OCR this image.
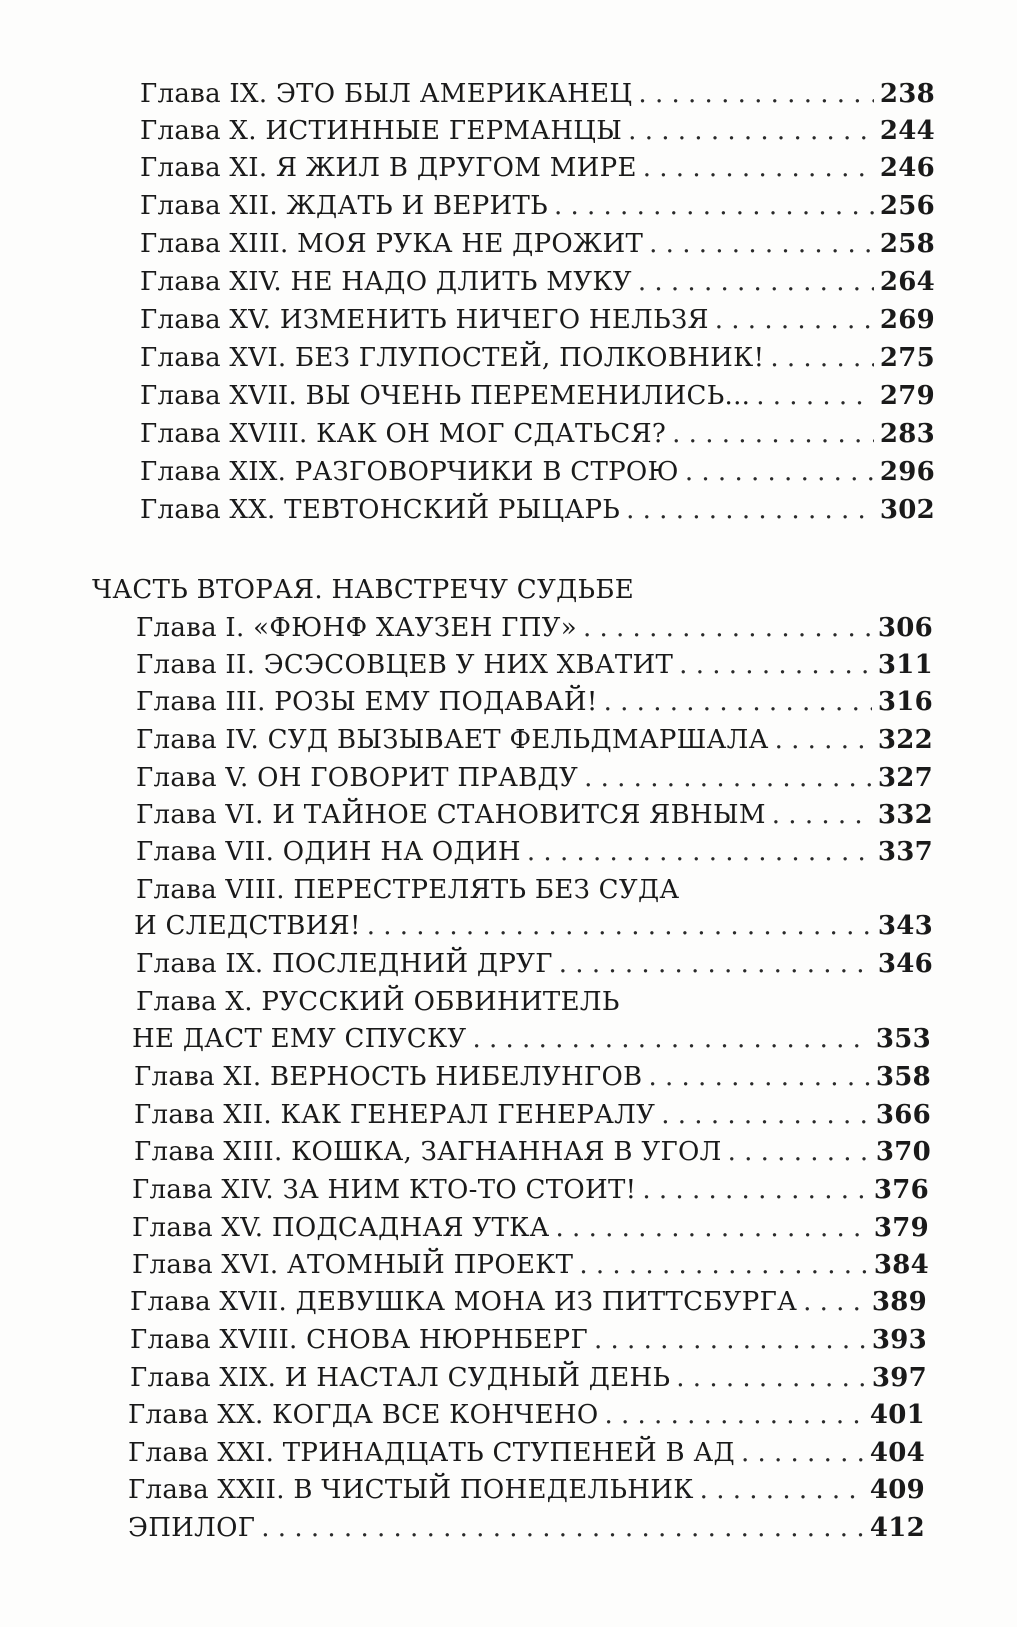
Глава IX. ЭТО БЫЛ АМЕРИКАНЕЦ . . .	238
Глава X. ИСТИННЫЕ ГЕРМАНЦЫ . . .	244
Глава XI. Я ЖИЛ В ДРУГОМ МИРЕ . . .	246
Глава XII. ЖДАТЬ И ВЕРИТЬ . . .	256
Глава XIII. МОЯ РУКА НЕ ДРОЖИТ . . .	258
Глава XIV. НЕ НАДО ДЛИТЬ МУКУ . . .	264
Глава XV. ИЗМЕНИТЬ НИЧЕГО НЕЛЬЗЯ . . .	269
Глава XVI. БЕЗ ГЛУПОСТЕЙ, ПОЛКОВНИК! . . .	275
Глава XVII. ВЫ ОЧЕНЬ ПЕРЕМЕНИЛИСЬ... . . .	279
Глава XVIII. КАК ОН МОГ СДАТЬСЯ? . . .	283
Глава XIX. РАЗГОВОРЧИКИ В СТРОЮ . . .	296
Глава XX. ТЕВТОНСКИЙ РЫЦАРЬ . . .	302
ЧАСТЬ ВТОРАЯ. НАВСТРЕЧУ СУДЬБЕ
Глава I. «ФЮНФ ХАУЗЕН ГПУ» . . .	306
Глава II. ЭСЭСОВЦЕВ У НИХ ХВАТИТ . . .	311
Глава III. РОЗЫ ЕМУ ПОДАВАЙ! . . .	316
Глава IV. СУД ВЫЗЫВАЕТ ФЕЛЬДМАРШАЛА . . .	322
Глава V. ОН ГОВОРИТ ПРАВДУ . . .	327
Глава VI. И ТАЙНОЕ СТАНОВИТСЯ ЯВНЫМ . . .	332
Глава VII. ОДИН НА ОДИН . . .	337
Глава VIII. ПЕРЕСТРЕЛЯТЬ БЕЗ СУДА
И СЛЕДСТВИЯ! . . .	343
Глава IX. ПОСЛЕДНИЙ ДРУГ . . .	346
Глава X. РУССКИЙ ОБВИНИТЕЛЬ
НЕ ДАСТ ЕМУ СПУСКУ . . .	353
Глава XI. ВЕРНОСТЬ НИБЕЛУНГОВ . . .	358
Глава XII. КАК ГЕНЕРАЛ ГЕНЕРАЛУ . . .	366
Глава XIII. КОШКА, ЗАГНАННАЯ В УГОЛ . . .	370
Глава XIV. ЗА НИМ КТО-ТО СТОИТ! . . .	376
Глава XV. ПОДСАДНАЯ УТКА . . .	379
Глава XVI. АТОМНЫЙ ПРОЕКТ . . .	384
Глава XVII. ДЕВУШКА МОНА ИЗ ПИТТСБУРГА . . .	389
Глава XVIII. СНОВА НЮРНБЕРГ . . .	393
Глава XIX. И НАСТАЛ СУДНЫЙ ДЕНЬ . . .	397
Глава XX. КОГДА ВСЕ КОНЧЕНО . . .	401
Глава XXI. ТРИНАДЦАТЬ СТУПЕНЕЙ В АД . . .	404
Глава XXII. В ЧИСТЫЙ ПОНЕДЕЛЬНИК . . .	409
ЭПИЛОГ . . .	412
